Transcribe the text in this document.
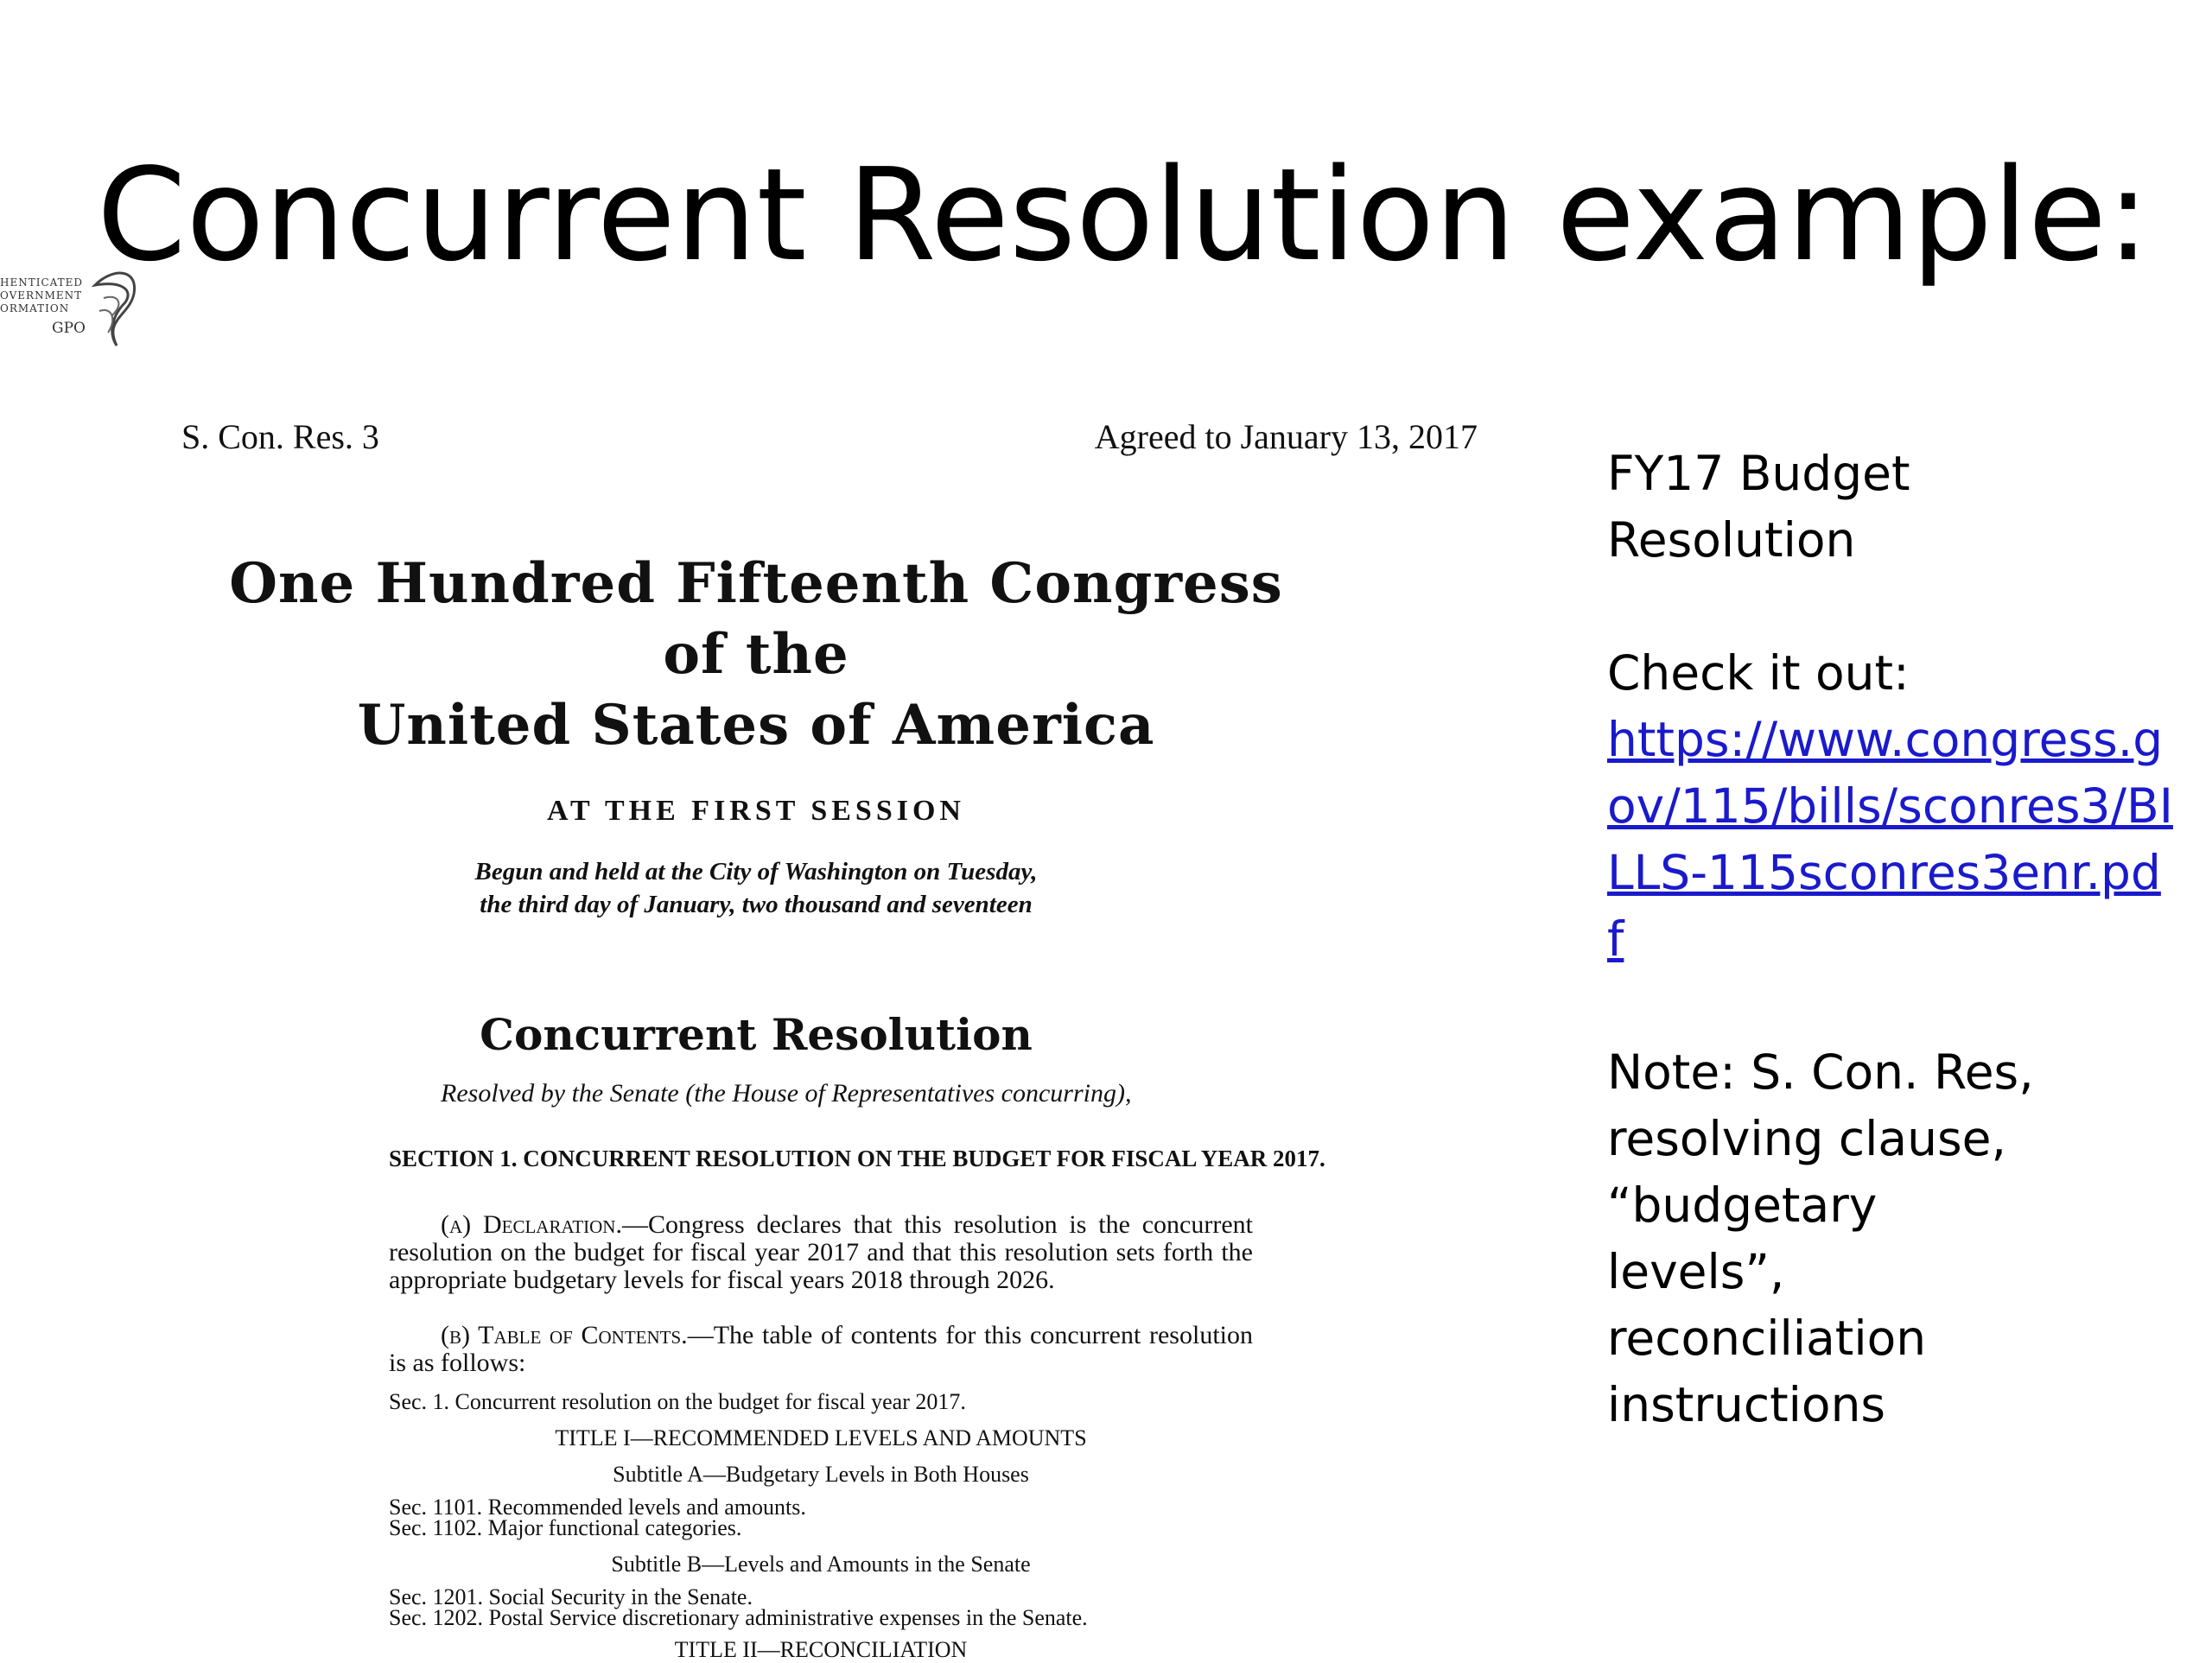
Concurrent Resolution example:
HENTICATED
OVERNMENT
ORMATION
GPO
S. Con. Res. 3	Agreed to January 13, 2017
One Hundred Fifteenth Congress
of the
United States of America
AT THE FIRST SESSION
Begun and held at the City of Washington on Tuesday,
the third day of January, two thousand and seventeen
Concurrent Resolution
Resolved by the Senate (the House of Representatives concurring),
SECTION 1. CONCURRENT RESOLUTION ON THE BUDGET FOR FISCAL YEAR 2017.
(a) Declaration.—Congress declares that this resolution is the concurrent resolution on the budget for fiscal year 2017 and that this resolution sets forth the appropriate budgetary levels for fiscal years 2018 through 2026.
(b) Table of Contents.—The table of contents for this concurrent resolution is as follows:
Sec. 1. Concurrent resolution on the budget for fiscal year 2017.
TITLE I—RECOMMENDED LEVELS AND AMOUNTS
Subtitle A—Budgetary Levels in Both Houses
Sec. 1101. Recommended levels and amounts.
Sec. 1102. Major functional categories.
Subtitle B—Levels and Amounts in the Senate
Sec. 1201. Social Security in the Senate.
Sec. 1202. Postal Service discretionary administrative expenses in the Senate.
TITLE II—RECONCILIATION

FY17 Budget

Resolution

Check it out:

https://www.congress.gov/115/bills/sconres3/BILLS-115sconres3enr.pdf

Note: S. Con. Res,

resolving clause,

“budgetary

levels”,

reconciliation

instructions
